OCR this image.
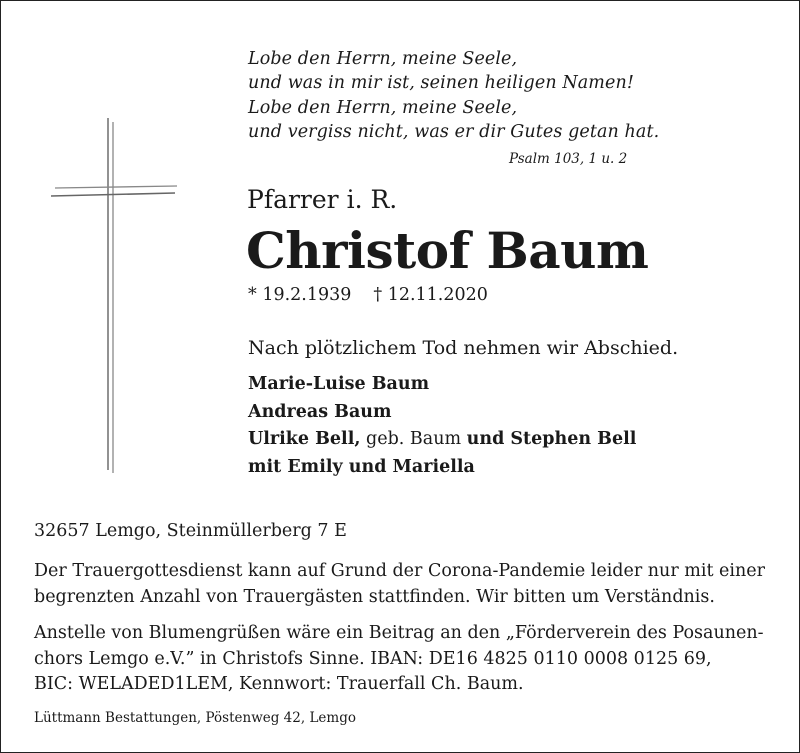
Lobe den Herrn, meine Seele,
und was in mir ist, seinen heiligen Namen!
Lobe den Herrn, meine Seele,
und vergiss nicht, was er dir Gutes getan hat.
Psalm 103, 1 u. 2
Pfarrer i. R.
Christof Baum
* 19.2.1939 † 12.11.2020
Nach plötzlichem Tod nehmen wir Abschied.
Marie-Luise Baum
Andreas Baum
Ulrike Bell, geb. Baum und Stephen Bell
mit Emily und Mariella
32657 Lemgo, Steinmüllerberg 7 E
Der Trauergottesdienst kann auf Grund der Corona-Pandemie leider nur mit einer
begrenzten Anzahl von Trauergästen stattfinden. Wir bitten um Verständnis.
Anstelle von Blumengrüßen wäre ein Beitrag an den „Förderverein des Posaunen-
chors Lemgo e.V.” in Christofs Sinne. IBAN: DE16 4825 0110 0008 0125 69,
BIC: WELADED1LEM, Kennwort: Trauerfall Ch. Baum.
Lüttmann Bestattungen, Pöstenweg 42, Lemgo
